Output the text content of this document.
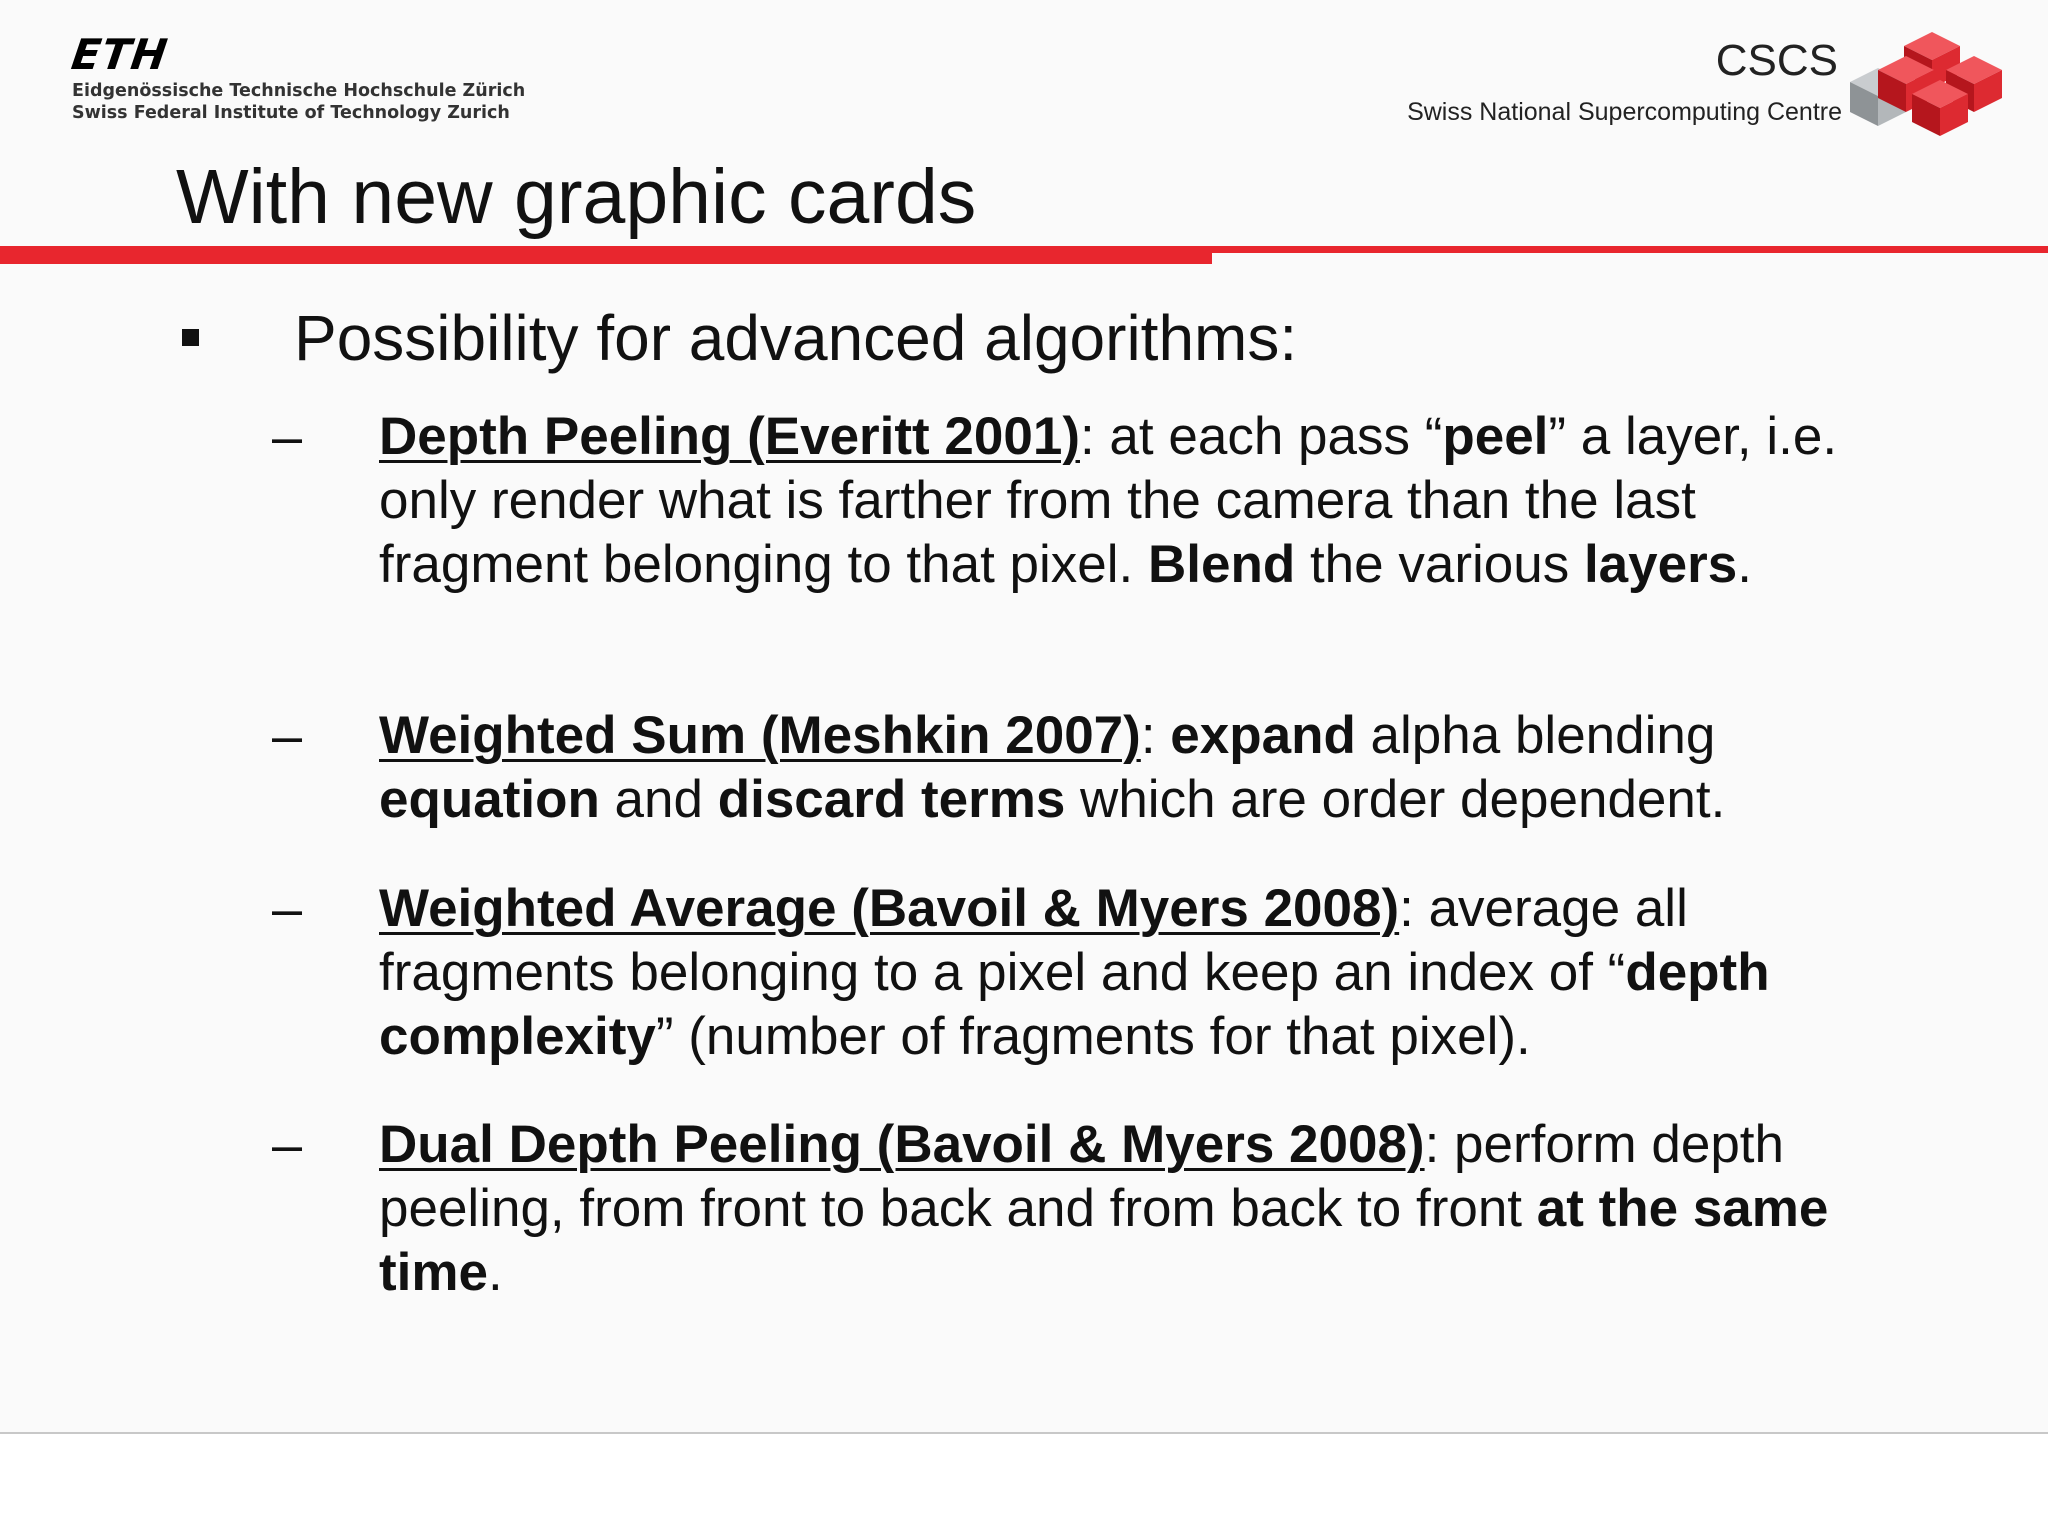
ETH
Eidgenössische Technische Hochschule Zürich
Swiss Federal Institute of Technology Zurich
CSCS
Swiss National Supercomputing Centre
With new graphic cards
Possibility for advanced algorithms:
– Depth Peeling (Everitt 2001): at each pass “peel” a layer, i.e. only render what is farther from the camera than the last fragment belonging to that pixel. Blend the various layers.
– Weighted Sum (Meshkin 2007): expand alpha blending equation and discard terms which are order dependent.
– Weighted Average (Bavoil & Myers 2008): average all fragments belonging to a pixel and keep an index of “depth complexity” (number of fragments for that pixel).
– Dual Depth Peeling (Bavoil & Myers 2008): perform depth peeling, from front to back and from back to front at the same time.
